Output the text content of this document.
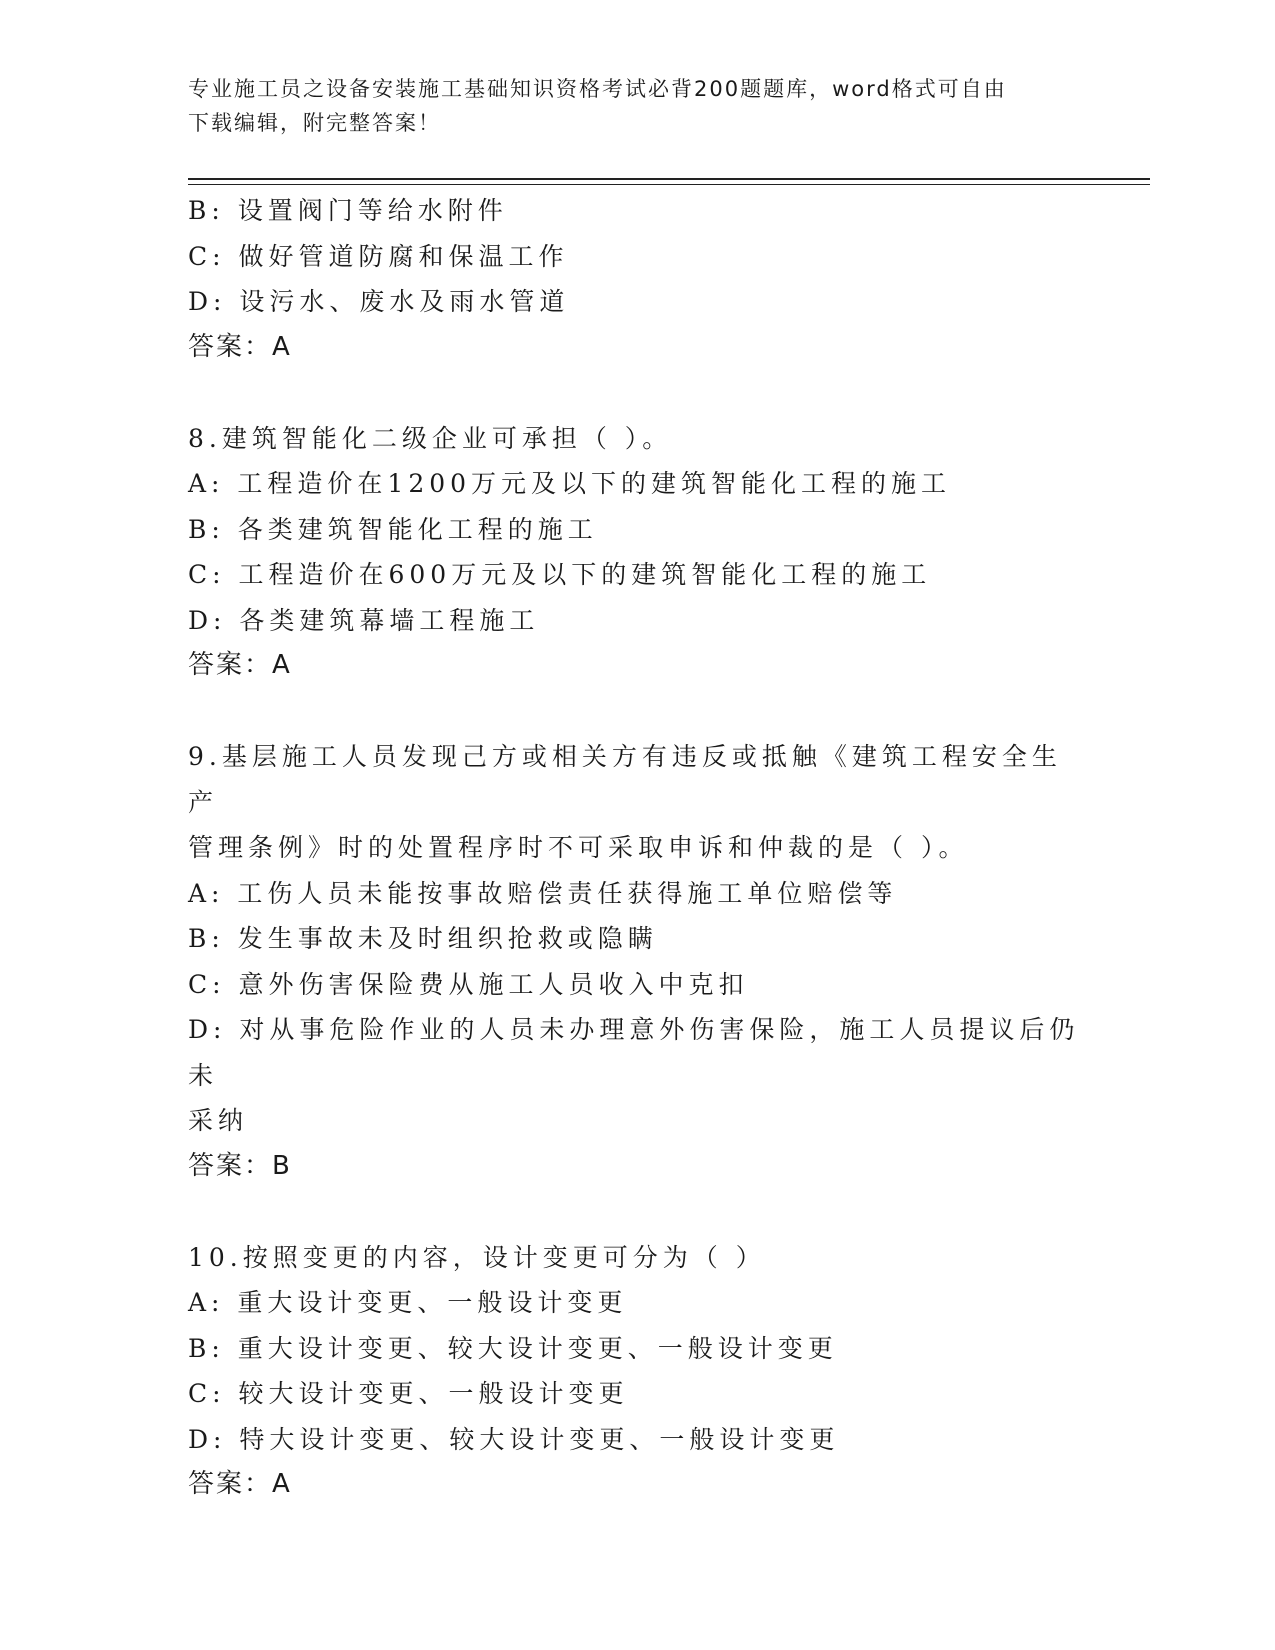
专业施工员之设备安装施工基础知识资格考试必背200题题库，word格式可自由
下载编辑，附完整答案！
B: 设置阀门等给水附件
C: 做好管道防腐和保温工作
D: 设污水、废水及雨水管道
答案：A
8.建筑智能化二级企业可承担（ ）。
A: 工程造价在1200万元及以下的建筑智能化工程的施工
B: 各类建筑智能化工程的施工
C: 工程造价在600万元及以下的建筑智能化工程的施工
D: 各类建筑幕墙工程施工
答案：A
9.基层施工人员发现己方或相关方有违反或抵触《建筑工程安全生产
管理条例》时的处置程序时不可采取申诉和仲裁的是（ ）。
A: 工伤人员未能按事故赔偿责任获得施工单位赔偿等
B: 发生事故未及时组织抢救或隐瞒
C: 意外伤害保险费从施工人员收入中克扣
D: 对从事危险作业的人员未办理意外伤害保险，施工人员提议后仍未
采纳
答案：B
10.按照变更的内容，设计变更可分为（ ）
A: 重大设计变更、一般设计变更
B: 重大设计变更、较大设计变更、一般设计变更
C: 较大设计变更、一般设计变更
D: 特大设计变更、较大设计变更、一般设计变更
答案：A
